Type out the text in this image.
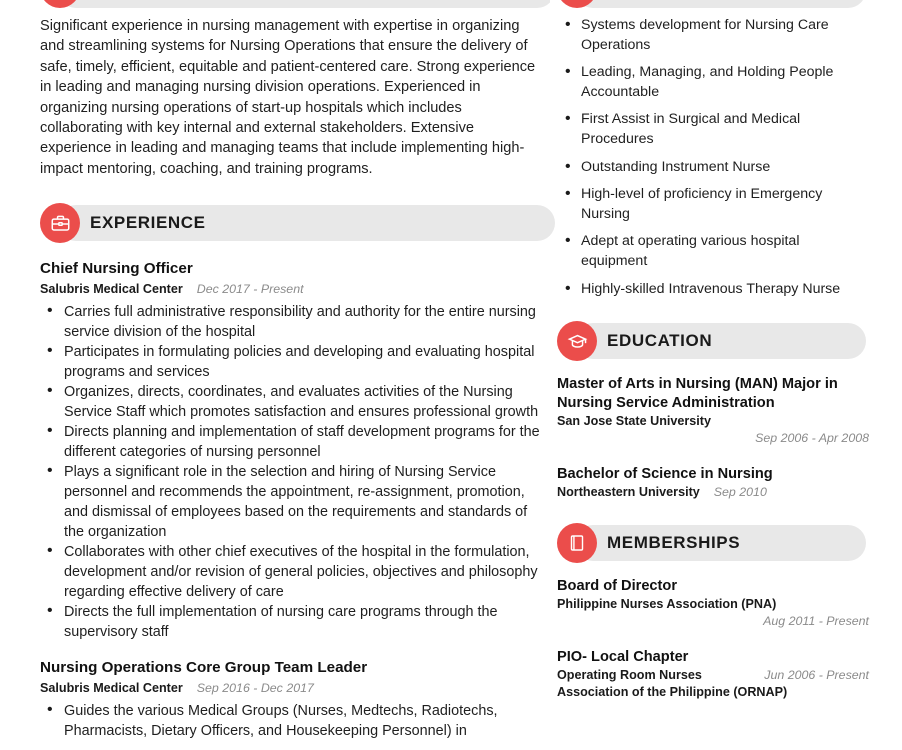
Significant experience in nursing management with expertise in organizing and streamlining systems for Nursing Operations that ensure the delivery of safe, timely, efficient, equitable and patient-centered care. Strong experience in leading and managing nursing division operations. Experienced in organizing nursing operations of start-up hospitals which includes collaborating with key internal and external stakeholders. Extensive experience in leading and managing teams that include implementing high-impact mentoring, coaching, and training programs.

EXPERIENCE
Chief Nursing Officer
Salubris Medical Center Dec 2017 - Present
• Carries full administrative responsibility and authority for the entire nursing service division of the hospital
• Participates in formulating policies and developing and evaluating hospital programs and services
• Organizes, directs, coordinates, and evaluates activities of the Nursing Service Staff which promotes satisfaction and ensures professional growth
• Directs planning and implementation of staff development programs for the different categories of nursing personnel
• Plays a significant role in the selection and hiring of Nursing Service personnel and recommends the appointment, re-assignment, promotion, and dismissal of employees based on the requirements and standards of the organization
• Collaborates with other chief executives of the hospital in the formulation, development and/or revision of general policies, objectives and philosophy regarding effective delivery of care
• Directs the full implementation of nursing care programs through the supervisory staff
Nursing Operations Core Group Team Leader
Salubris Medical Center Sep 2016 - Dec 2017
• Guides the various Medical Groups (Nurses, Medtechs, Radiotechs, Pharmacists, Dietary Officers, and Housekeeping Personnel) in
• Systems development for Nursing Care Operations
• Leading, Managing, and Holding People Accountable
• First Assist in Surgical and Medical Procedures
• Outstanding Instrument Nurse
• High-level of proficiency in Emergency Nursing
• Adept at operating various hospital equipment
• Highly-skilled Intravenous Therapy Nurse
EDUCATION
Master of Arts in Nursing (MAN) Major in Nursing Service Administration
San Jose State University
Sep 2006 - Apr 2008
Bachelor of Science in Nursing
Northeastern University Sep 2010
MEMBERSHIPS
Board of Director
Philippine Nurses Association (PNA)
Aug 2011 - Present
PIO- Local Chapter
Jun 2006 - Present
Operating Room Nurses Association of the Philippine (ORNAP)
